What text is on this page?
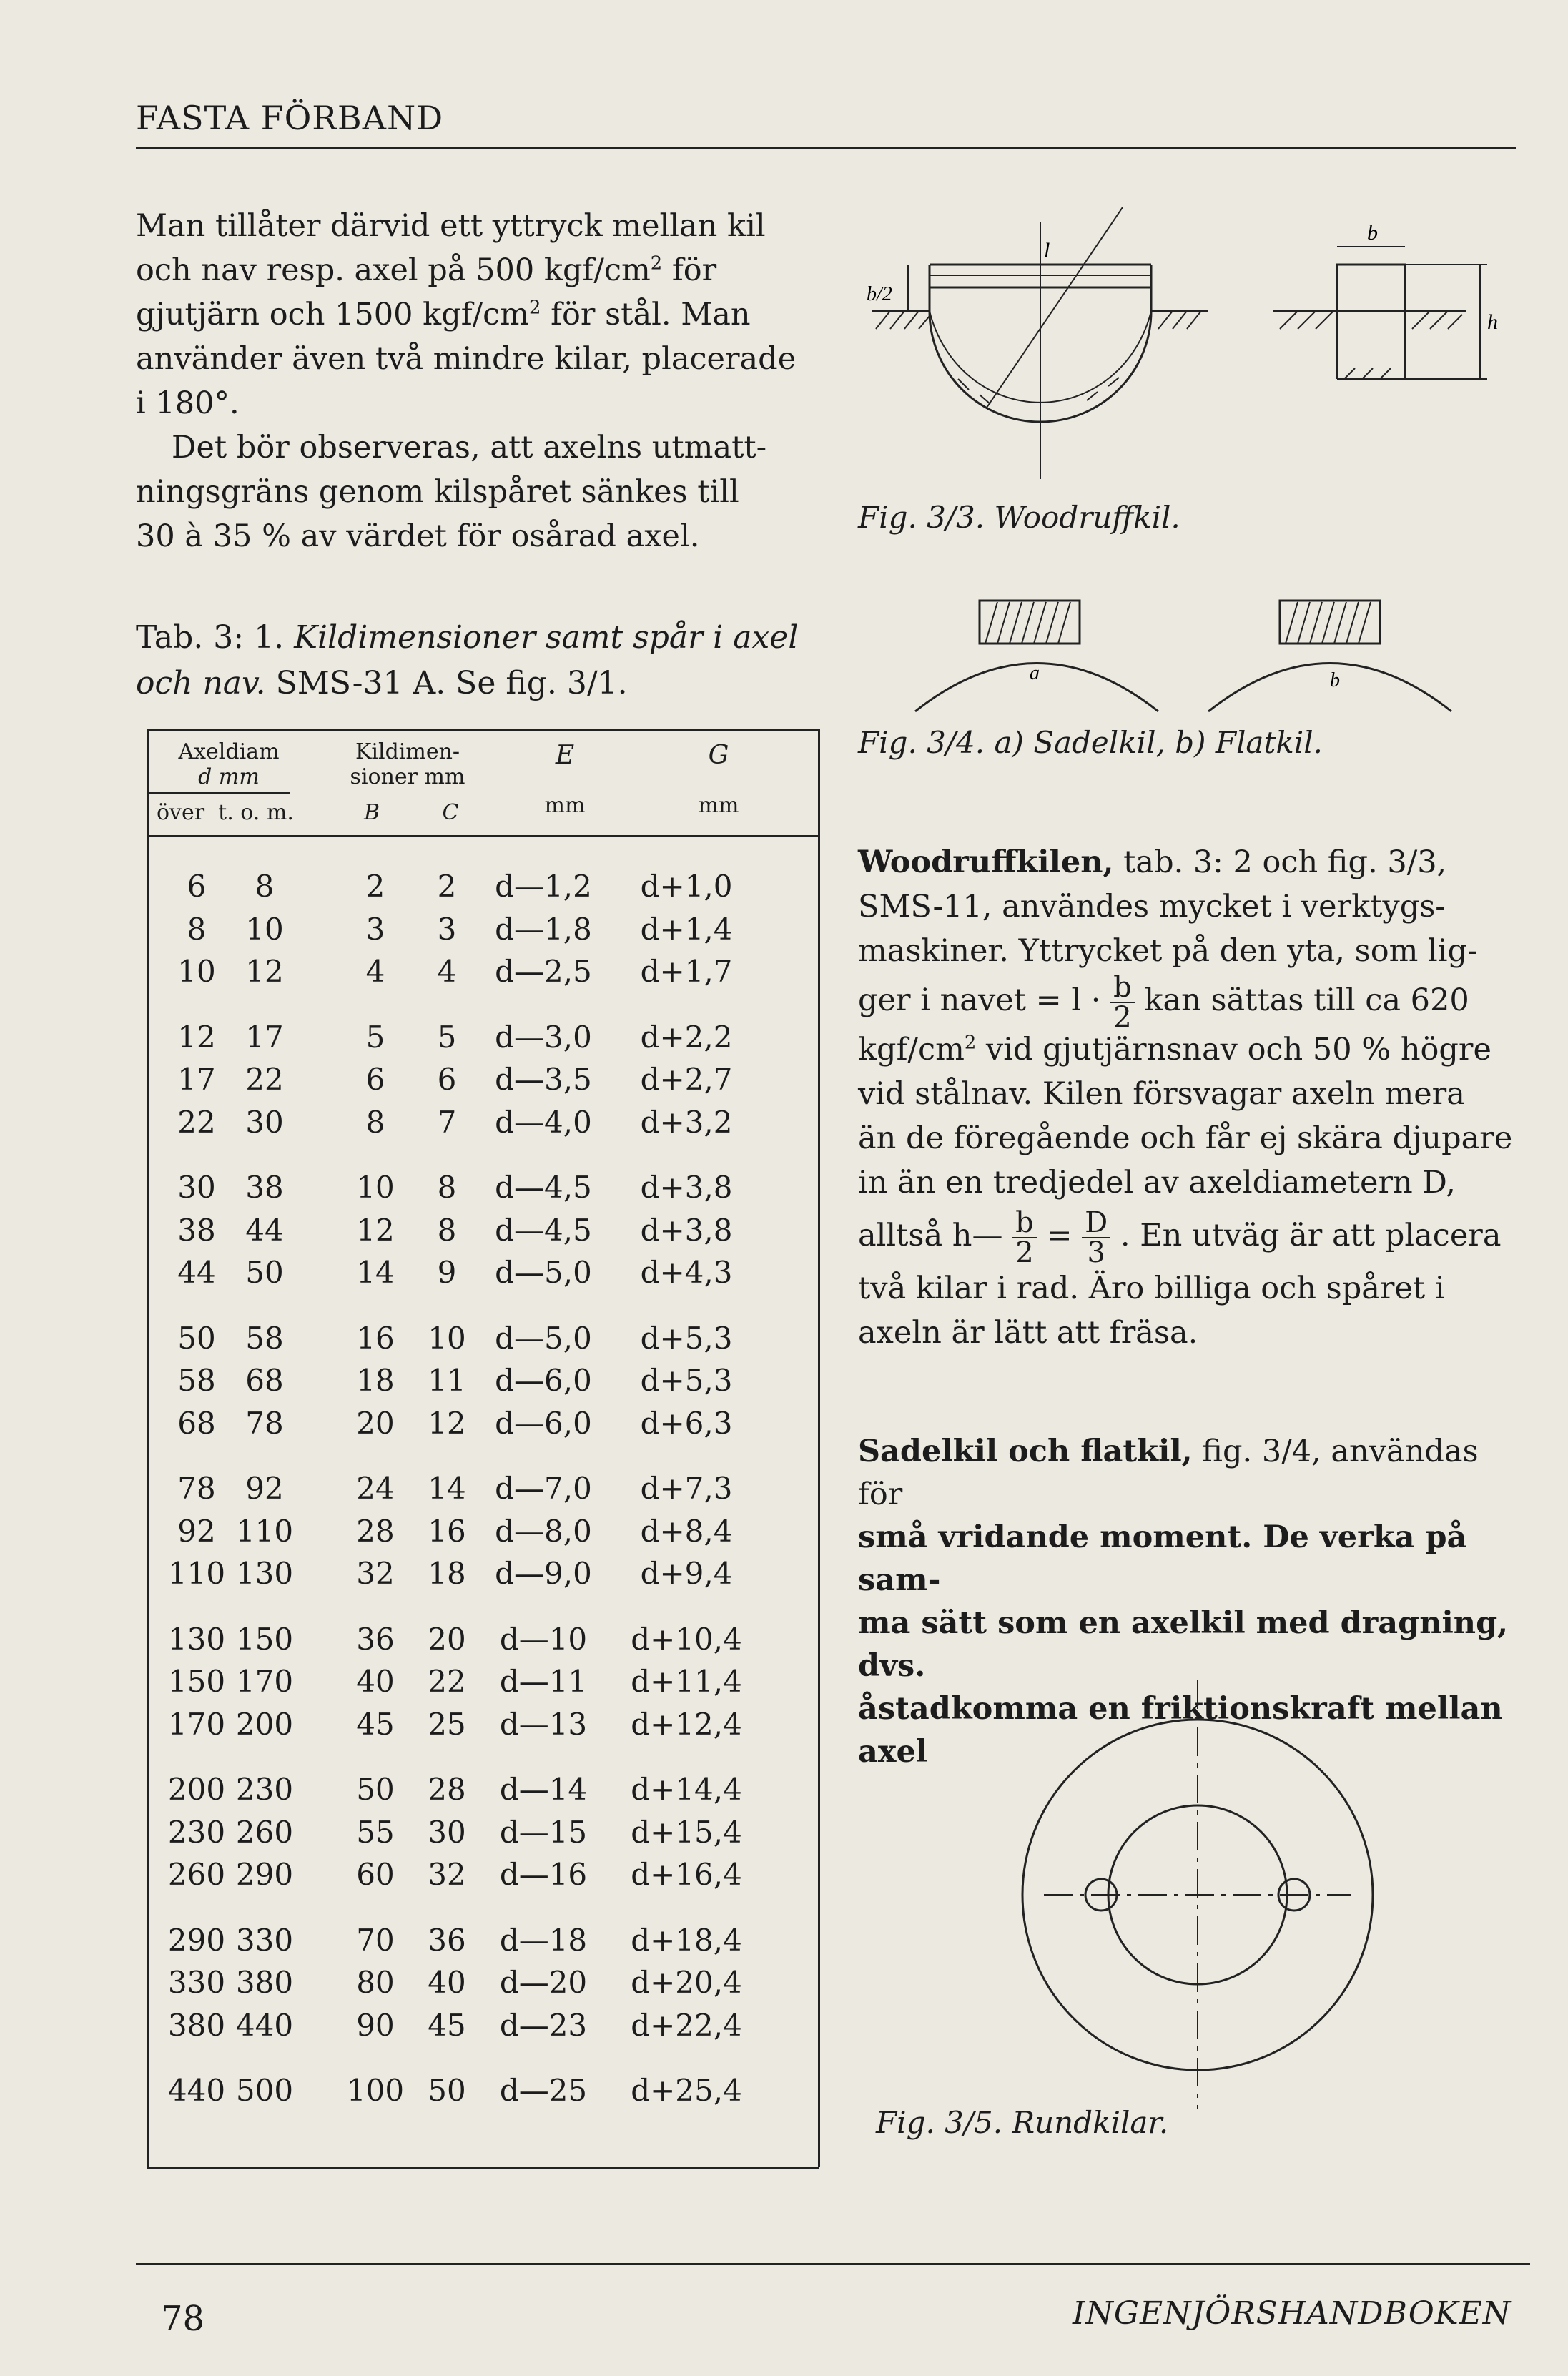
FASTA FÖRBAND
Man tillåter därvid ett yttryck mellan kil
och nav resp. axel på 500 kgf/$cm^2$ för
gjutjärn och 1500 kgf/$cm^2$ för stål. Man
använder även två mindre kilar, placerade
i 180°.
Det bör observeras, att axelns utmatt-
ningsgräns genom kilspåret sänkes till
30 à 35 % av värdet för osårad axel.
Tab. 3: 1. Kildimensioner samt spår i axel
och nav. SMS-31 A. Se fig. 3/1.
Axeldiam
d mm
över t. o. m.
Kildimen-
sioner mm
B	C
E
mm
G
mm
6	8	2	2	d—1,2	d+1,0
8	10	3	3	d—1,8	d+1,4
10 12	4	4	d—2,5	d+1,7
12 17	5	5	d—3,0	d+2,2
17 22	6	6	d—3,5	d+2,7
22 30	8	7	d—4,0	d+3,2
30 38	10	8	d—4,5	d+3,8
38 44	12	8	d—4,5	d+3,8
44 50	14	9	d—5,0	d+4,3
50 58	16	10 d—5,0	d+5,3
58 68	18	11 d—6,0	d+5,3
68 78	20	12 d—6,0	d+6,3
78 92	24	14 d—7,0	d+7,3
92 110	28	16 d—8,0	d+8,4
110 130	32	18 d—9,0	d+9,4
130 150	36	20	d—10	d+10,4
150 170	40	22	d—11	d+11,4
170 200	45	25	d—13	d+12,4
200 230	50	28	d—14	d+14,4
230 260	55	30	d—15	d+15,4
260 290	60	32	d—16	d+16,4
290 330	70	36	d—18	d+18,4
330 380	80	40	d—20	d+20,4
380 440	90	45	d—23	d+22,4
440 500	100 50	d—25	d+25,4
l
b/2
b
h
Fig. 3/3. Woodruffkil.
a	b
Fig. 3/4. a) Sadelkil, b) Flatkil.
Woodruffkilen, tab. 3: 2 och fig. 3/3,
SMS-11, användes mycket i verktygs-
maskiner. Yttrycket på den yta, som lig-
ger i navet = $l \cdot \frac{b}{2}$ kan sättas till ca 620
kgf/$cm^2$ vid gjutjärnsnav och 50 % högre
vid stålnav. Kilen försvagar axeln mera
än de föregående och får ej skära djupare
in än en tredjedel av axeldiametern D,
alltså h— $\frac{b}{2} = \frac{D}{3}$ . En utväg är att placera
två kilar i rad. Äro billiga och spåret i
axeln är lätt att fräsa.
Sadelkil och flatkil, fig. 3/4, användas för
små vridande moment. De verka på sam-
ma sätt som en axelkil med dragning, dvs.
åstadkomma en friktionskraft mellan axel
Fig. 3/5. Rundkilar.
78	INGENJÖRSHANDBOKEN
